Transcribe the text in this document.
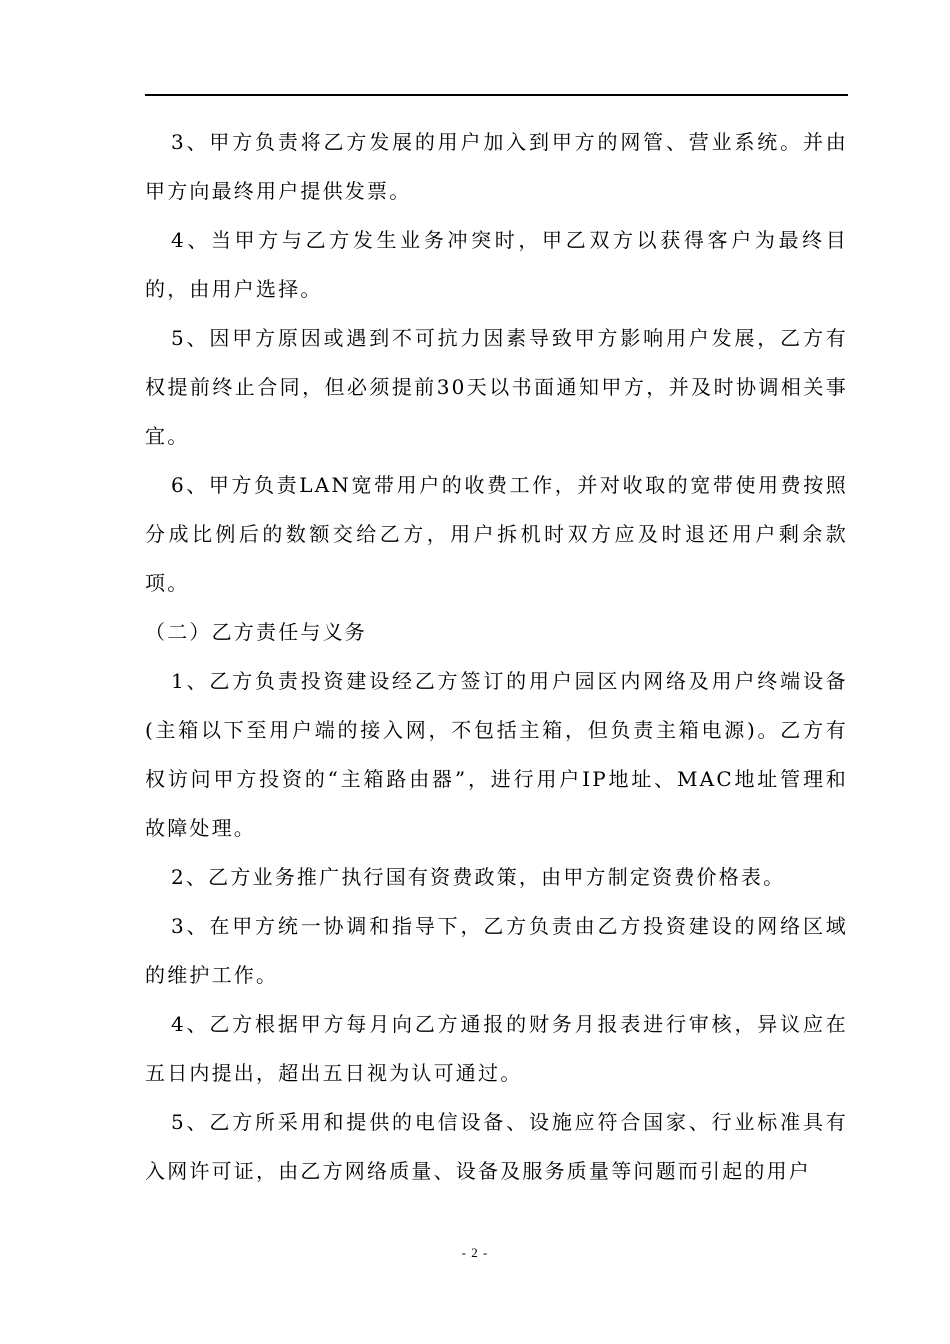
3、甲方负责将乙方发展的用户加入到甲方的网管、营业系统。并由甲方向最终用户提供发票。

4、当甲方与乙方发生业务冲突时，甲乙双方以获得客户为最终目的，由用户选择。

5、因甲方原因或遇到不可抗力因素导致甲方影响用户发展，乙方有权提前终止合同，但必须提前30天以书面通知甲方，并及时协调相关事宜。

6、甲方负责LAN宽带用户的收费工作，并对收取的宽带使用费按照分成比例后的数额交给乙方，用户拆机时双方应及时退还用户剩余款项。

（二）乙方责任与义务

1、乙方负责投资建设经乙方签订的用户园区内网络及用户终端设备(主箱以下至用户端的接入网，不包括主箱，但负责主箱电源)。乙方有权访问甲方投资的“主箱路由器”，进行用户IP地址、MAC地址管理和故障处理。

2、乙方业务推广执行国有资费政策，由甲方制定资费价格表。

3、在甲方统一协调和指导下，乙方负责由乙方投资建设的网络区域的维护工作。

4、乙方根据甲方每月向乙方通报的财务月报表进行审核，异议应在五日内提出，超出五日视为认可通过。

5、乙方所采用和提供的电信设备、设施应符合国家、行业标准具有入网许可证，由乙方网络质量、设备及服务质量等问题而引起的用户

- 2 -
